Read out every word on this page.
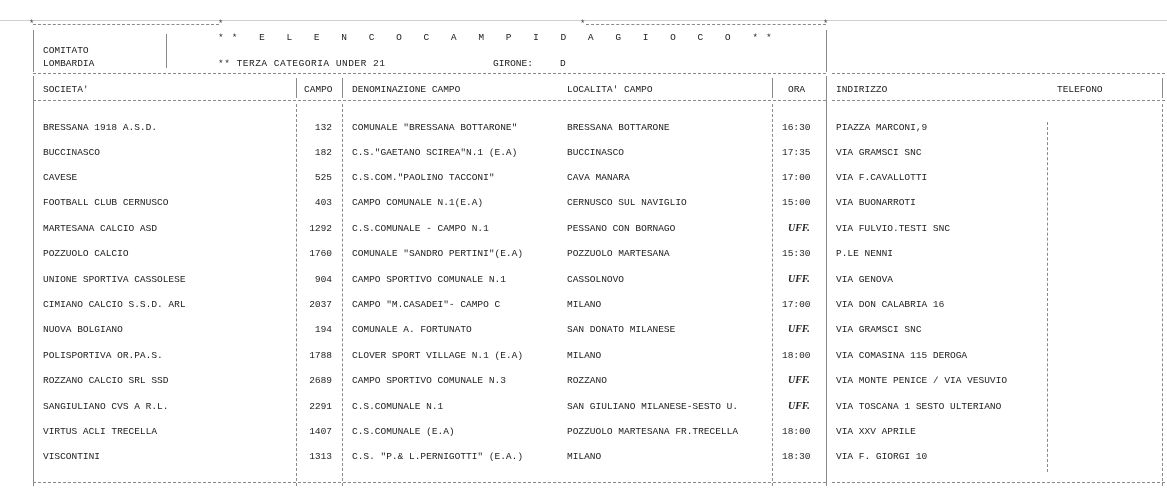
*	*	*	*
COMITATO
LOMBARDIA
** E L E N C O C A M P I D A G I O C O **
** TERZA CATEGORIA UNDER 21	GIRONE:	D
SOCIETA'	CAMPO DENOMINAZIONE CAMPO	LOCALITA' CAMPO	ORA	INDIRIZZO	TELEFONO
BRESSANA 1918 A.S.D.	132 COMUNALE "BRESSANA BOTTARONE"	BRESSANA BOTTARONE	16:30	PIAZZA MARCONI,9
BUCCINASCO	182 C.S."GAETANO SCIREA"N.1 (E.A)	BUCCINASCO	17:35	VIA GRAMSCI SNC
CAVESE	525 C.S.COM."PAOLINO TACCONI"	CAVA MANARA	17:00	VIA F.CAVALLOTTI
FOOTBALL CLUB CERNUSCO	403 CAMPO COMUNALE N.1(E.A)	CERNUSCO SUL NAVIGLIO	15:00	VIA BUONARROTI
MARTESANA CALCIO ASD	1292 C.S.COMUNALE - CAMPO N.1	PESSANO CON BORNAGO	UFF.	VIA FULVIO.TESTI SNC
POZZUOLO CALCIO	1760 COMUNALE "SANDRO PERTINI"(E.A)	POZZUOLO MARTESANA	15:30	P.LE NENNI
UNIONE SPORTIVA CASSOLESE	904 CAMPO SPORTIVO COMUNALE N.1	CASSOLNOVO	UFF.	VIA GENOVA
CIMIANO CALCIO S.S.D. ARL	2037 CAMPO "M.CASADEI"- CAMPO C	MILANO	17:00	VIA DON CALABRIA 16
NUOVA BOLGIANO	194 COMUNALE A. FORTUNATO	SAN DONATO MILANESE	UFF.	VIA GRAMSCI SNC
POLISPORTIVA OR.PA.S.	1788 CLOVER SPORT VILLAGE N.1 (E.A)	MILANO	18:00	VIA COMASINA 115 DEROGA
ROZZANO CALCIO SRL SSD	2689 CAMPO SPORTIVO COMUNALE N.3	ROZZANO	UFF.	VIA MONTE PENICE / VIA VESUVIO
SANGIULIANO CVS A R.L.	2291 C.S.COMUNALE N.1	SAN GIULIANO MILANESE-SESTO U.	UFF.	VIA TOSCANA 1 SESTO ULTERIANO
VIRTUS ACLI TRECELLA	1407 C.S.COMUNALE (E.A)	POZZUOLO MARTESANA FR.TRECELLA	18:00	VIA XXV APRILE
VISCONTINI	1313 C.S. "P.& L.PERNIGOTTI" (E.A.)	MILANO	18:30	VIA F. GIORGI 10
